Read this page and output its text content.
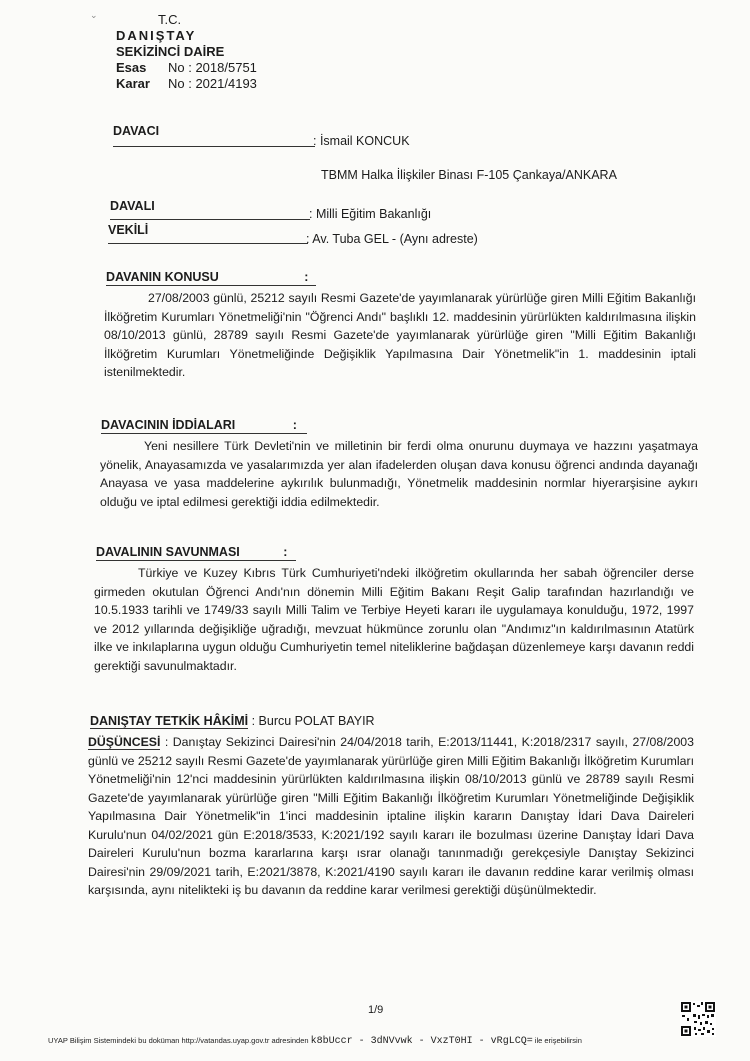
⌄	T.C.
DANIŞTAY
SEKİZİNCİ DAİRE
Esas	No : 2018/5751
Karar	No : 2021/4193
DAVACI
: İsmail KONCUK
TBMM Halka İlişkiler Binası F-105 Çankaya/ANKARA
DAVALI
: Milli Eğitim Bakanlığı
VEKİLİ
: Av. Tuba GEL - (Aynı adreste)
DAVANIN KONUSU	:
27/08/2003 günlü, 25212 sayılı Resmi Gazete'de yayımlanarak yürürlüğe giren Milli Eğitim Bakanlığı İlköğretim Kurumları Yönetmeliği'nin "Öğrenci Andı" başlıklı 12. maddesinin yürürlükten kaldırılmasına ilişkin 08/10/2013 günlü, 28789 sayılı Resmi Gazete'de yayımlanarak yürürlüğe giren "Milli Eğitim Bakanlığı İlköğretim Kurumları Yönetmeliğinde Değişiklik Yapılmasına Dair Yönetmelik"in 1. maddesinin iptali istenilmektedir.
DAVACININ İDDİALARI	:
Yeni nesillere Türk Devleti'nin ve milletinin bir ferdi olma onurunu duymaya ve hazzını yaşatmaya yönelik, Anayasamızda ve yasalarımızda yer alan ifadelerden oluşan dava konusu öğrenci andında dayanağı Anayasa ve yasa maddelerine aykırılık bulunmadığı, Yönetmelik maddesinin normlar hiyerarşisine aykırı olduğu ve iptal edilmesi gerektiği iddia edilmektedir.
DAVALININ SAVUNMASI	:
Türkiye ve Kuzey Kıbrıs Türk Cumhuriyeti'ndeki ilköğretim okullarında her sabah öğrenciler derse girmeden okutulan Öğrenci Andı'nın dönemin Milli Eğitim Bakanı Reşit Galip tarafından hazırlandığı ve 10.5.1933 tarihli ve 1749/33 sayılı Milli Talim ve Terbiye Heyeti kararı ile uygulamaya konulduğu, 1972, 1997 ve 2012 yıllarında değişikliğe uğradığı, mevzuat hükmünce zorunlu olan "Andımız"ın kaldırılmasının Atatürk ilke ve inkılaplarına uygun olduğu Cumhuriyetin temel niteliklerine bağdaşan düzenlemeye karşı davanın reddi gerektiği savunulmaktadır.
DANIŞTAY TETKİK HÂKİMİ : Burcu POLAT BAYIR
DÜŞÜNCESİ : Danıştay Sekizinci Dairesi'nin 24/04/2018 tarih, E:2013/11441, K:2018/2317 sayılı, 27/08/2003 günlü ve 25212 sayılı Resmi Gazete'de yayımlanarak yürürlüğe giren Milli Eğitim Bakanlığı İlköğretim Kurumları Yönetmeliği'nin 12'nci maddesinin yürürlükten kaldırılmasına ilişkin 08/10/2013 günlü ve 28789 sayılı Resmi Gazete'de yayımlanarak yürürlüğe giren "Milli Eğitim Bakanlığı İlköğretim Kurumları Yönetmeliğinde Değişiklik Yapılmasına Dair Yönetmelik"in 1'inci maddesinin iptaline ilişkin kararın Danıştay İdari Dava Daireleri Kurulu'nun 04/02/2021 gün E:2018/3533, K:2021/192 sayılı kararı ile bozulması üzerine Danıştay İdari Dava Daireleri Kurulu'nun bozma kararlarına karşı ısrar olanağı tanınmadığı gerekçesiyle Danıştay Sekizinci Dairesi'nin 29/09/2021 tarih, E:2021/3878, K:2021/4190 sayılı kararı ile davanın reddine karar verilmiş olması karşısında, aynı nitelikteki iş bu davanın da reddine karar verilmesi gerektiği düşünülmektedir.
1/9
UYAP Bilişim Sistemindeki bu doküman http://vatandas.uyap.gov.tr adresinden k8bUccr - 3dNVvwk - VxzT0HI - vRgLCQ= ile erişebilirsin
